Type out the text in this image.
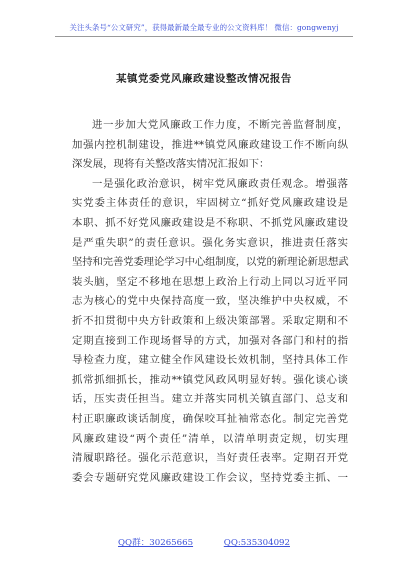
关注头条号“公文研究”，获得最新最全最专业的公文资料库！ 微信：gongwenyj
某镇党委党风廉政建设整改情况报告
进一步加大党风廉政工作力度，不断完善监督制度，
加强内控机制建设，推进**镇党风廉政建设工作不断向纵
深发展，现将有关整改落实情况汇报如下：
一是强化政治意识，树牢党风廉政责任观念。增强落
实党委主体责任的意识，牢固树立“抓好党风廉政建设是
本职、抓不好党风廉政建设是不称职、不抓党风廉政建设
是严重失职”的责任意识。强化务实意识，推进责任落实
坚持和完善党委理论学习中心组制度，以党的新理论新思想武
装头脑，坚定不移地在思想上政治上行动上同以习近平同
志为核心的党中央保持高度一致，坚决维护中央权威，不
折不扣贯彻中央方针政策和上级决策部署。采取定期和不
定期直接到工作现场督导的方式，加强对各部门和村的指
导检查力度，建立健全作风建设长效机制，坚持具体工作
抓常抓细抓长，推动**镇党风政风明显好转。强化谈心谈
话，压实责任担当。建立并落实同机关镇直部门、总支和
村正职廉政谈话制度，确保咬耳扯袖常态化。制定完善党
风廉政建设“两个责任”清单，以清单明责定规，切实理
清履职路径。强化示范意识，当好责任表率。定期召开党
委会专题研究党风廉政建设工作会议，坚持党委主抓、一
QQ群：30265665	QQ:535304092
